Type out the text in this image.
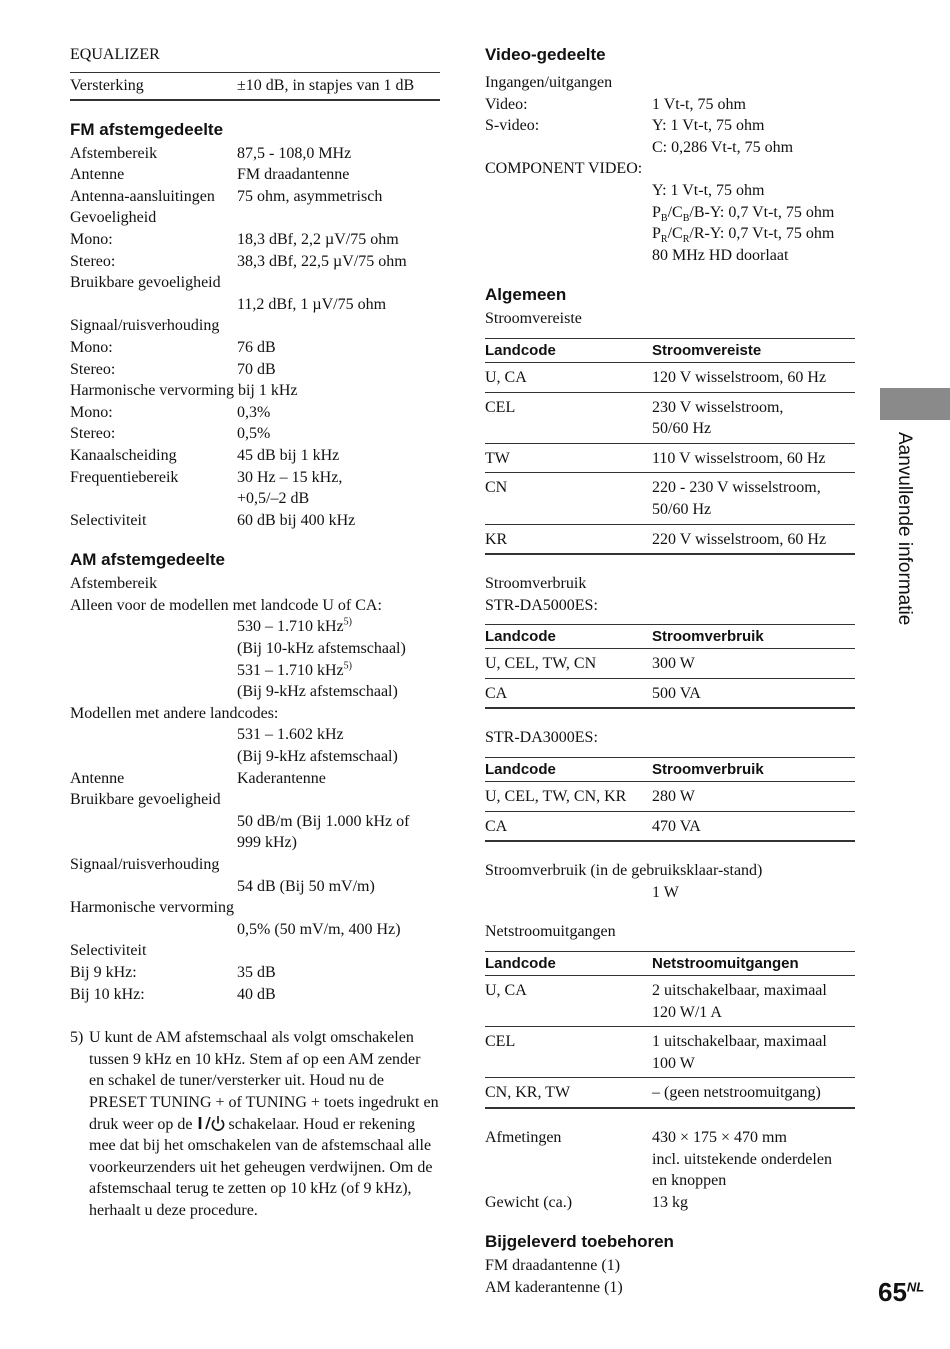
EQUALIZER
Versterking	±10 dB, in stapjes van 1 dB
FM afstemgedeelte
Afstembereik	87,5 - 108,0 MHz
Antenne	FM draadantenne
Antenna-aansluitingen	75 ohm, asymmetrisch
Gevoeligheid
Mono:	18,3 dBf, 2,2 µV/75 ohm
Stereo:	38,3 dBf, 22,5 µV/75 ohm
Bruikbare gevoeligheid
11,2 dBf, 1 µV/75 ohm
Signaal/ruisverhouding
Mono:	76 dB
Stereo:	70 dB
Harmonische vervorming bij 1 kHz
Mono:	0,3%
Stereo:	0,5%
Kanaalscheiding	45 dB bij 1 kHz
Frequentiebereik	30 Hz – 15 kHz,
+0,5/–2 dB
Selectiviteit	60 dB bij 400 kHz
AM afstemgedeelte
Afstembereik
Alleen voor de modellen met landcode U of CA:
530 – 1.710 kHz$^{5)}$
(Bij 10-kHz afstemschaal)
531 – 1.710 kHz$^{5)}$
(Bij 9-kHz afstemschaal)
Modellen met andere landcodes:
531 – 1.602 kHz
(Bij 9-kHz afstemschaal)
Antenne	Kaderantenne
Bruikbare gevoeligheid
50 dB/m (Bij 1.000 kHz of
999 kHz)
Signaal/ruisverhouding
54 dB (Bij 50 mV/m)
Harmonische vervorming
0,5% (50 mV/m, 400 Hz)
Selectiviteit
Bij 9 kHz:	35 dB
Bij 10 kHz:	40 dB
5) U kunt de AM afstemschaal als volgt omschakelen tussen 9 kHz en 10 kHz. Stem af op een AM zender en schakel de tuner/versterker uit. Houd nu de PRESET TUNING + of TUNING + toets ingedrukt en druk weer op de schakelaar. Houd er rekening mee dat bij het omschakelen van de afstemschaal alle voorkeurzenders uit het geheugen verdwijnen. Om de afstemschaal terug te zetten op 10 kHz (of 9 kHz), herhaalt u deze procedure.
Video-gedeelte
Ingangen/uitgangen
Video:	1 Vt-t, 75 ohm
S-video:	Y: 1 Vt-t, 75 ohm
C: 0,286 Vt-t, 75 ohm
COMPONENT VIDEO:
Y: 1 Vt-t, 75 ohm
$P_B/C_B/B-Y$: 0,7 Vt-t, 75 ohm
$P_R/C_R/R-Y$: 0,7 Vt-t, 75 ohm
80 MHz HD doorlaat
Algemeen
Stroomvereiste
Landcode	Stroomvereiste
U, CA	120 V wisselstroom, 60 Hz
CEL	230 V wisselstroom,
50/60 Hz

TW	110 V wisselstroom, 60 Hz
CN	220 - 230 V wisselstroom,
50/60 Hz

KR	220 V wisselstroom, 60 Hz
Stroomverbruik
STR-DA5000ES:
Landcode	Stroomverbruik
U, CEL, TW, CN	300 W
CA	500 VA
STR-DA3000ES:
Landcode	Stroomverbruik
U, CEL, TW, CN, KR	280 W
CA	470 VA
Stroomverbruik (in de gebruiksklaar-stand)
1 W
Netstroomuitgangen
Landcode	Netstroomuitgangen
U, CA	2 uitschakelbaar, maximaal
120 W/1 A

CEL	1 uitschakelbaar, maximaal
100 W

CN, KR, TW	– (geen netstroomuitgang)
Afmetingen	430 × 175 × 470 mm
incl. uitstekende onderdelen
en knoppen
Gewicht (ca.)	13 kg
Bijgeleverd toebehoren
FM draadantenne (1)
AM kaderantenne (1)
Aanvullende informatie
$65^{NL}$
